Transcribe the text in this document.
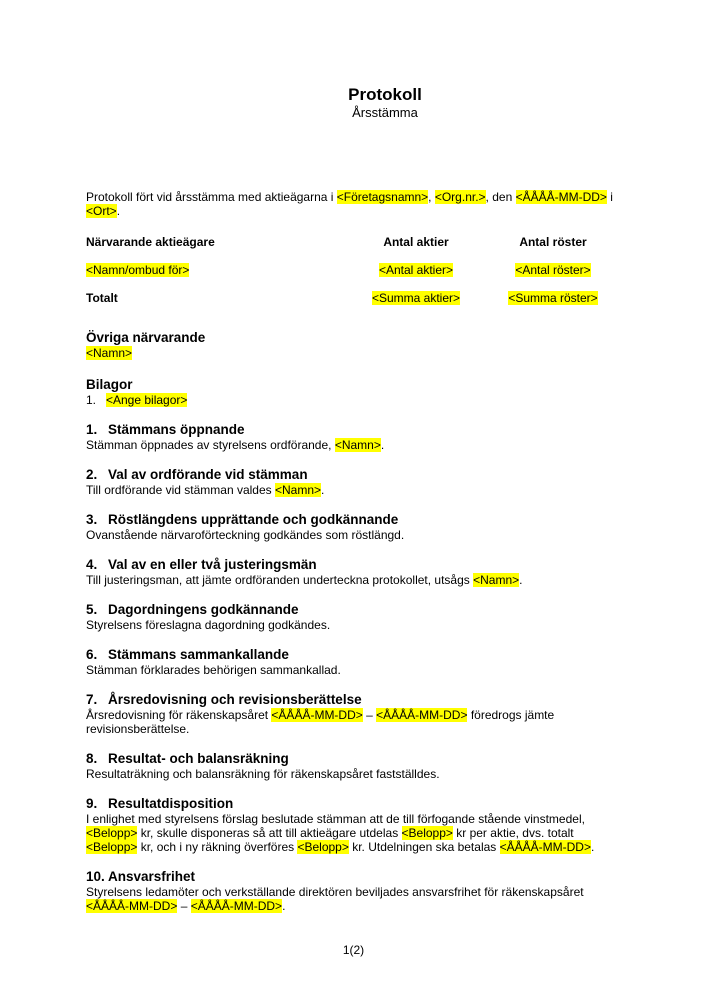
Protokoll
Årsstämma

Protokoll fört vid årsstämma med aktieägarna i <Företagsnamn>, <Org.nr.>, den <ÅÅÅÅ-MM-DD> i
<Ort>.

Närvarande aktieägare	Antal aktier	Antal röster
<Namn/ombud för>	<Antal aktier>	<Antal röster>
Totalt	<Summa aktier>	<Summa röster>

Övriga närvarande

<Namn>

Bilagor

1. <Ange bilagor>

1. Stämmans öppnande

Stämman öppnades av styrelsens ordförande, <Namn>.

2. Val av ordförande vid stämman

Till ordförande vid stämman valdes <Namn>.

3. Röstlängdens upprättande och godkännande

Ovanstående närvaroförteckning godkändes som röstlängd.

4. Val av en eller två justeringsmän

Till justeringsman, att jämte ordföranden underteckna protokollet, utsågs <Namn>.

5. Dagordningens godkännande

Styrelsens föreslagna dagordning godkändes.

6. Stämmans sammankallande

Stämman förklarades behörigen sammankallad.

7. Årsredovisning och revisionsberättelse

Årsredovisning för räkenskapsåret <ÅÅÅÅ-MM-DD> – <ÅÅÅÅ-MM-DD> föredrogs jämte
revisionsberättelse.

8. Resultat- och balansräkning

Resultaträkning och balansräkning för räkenskapsåret fastställdes.

9. Resultatdisposition

I enlighet med styrelsens förslag beslutade stämman att de till förfogande stående vinstmedel,
<Belopp> kr, skulle disponeras så att till aktieägare utdelas <Belopp> kr per aktie, dvs. totalt
<Belopp> kr, och i ny räkning överföres <Belopp> kr. Utdelningen ska betalas <ÅÅÅÅ-MM-DD>.

10. Ansvarsfrihet

Styrelsens ledamöter och verkställande direktören beviljades ansvarsfrihet för räkenskapsåret
<ÅÅÅÅ-MM-DD> – <ÅÅÅÅ-MM-DD>.

1(2)
